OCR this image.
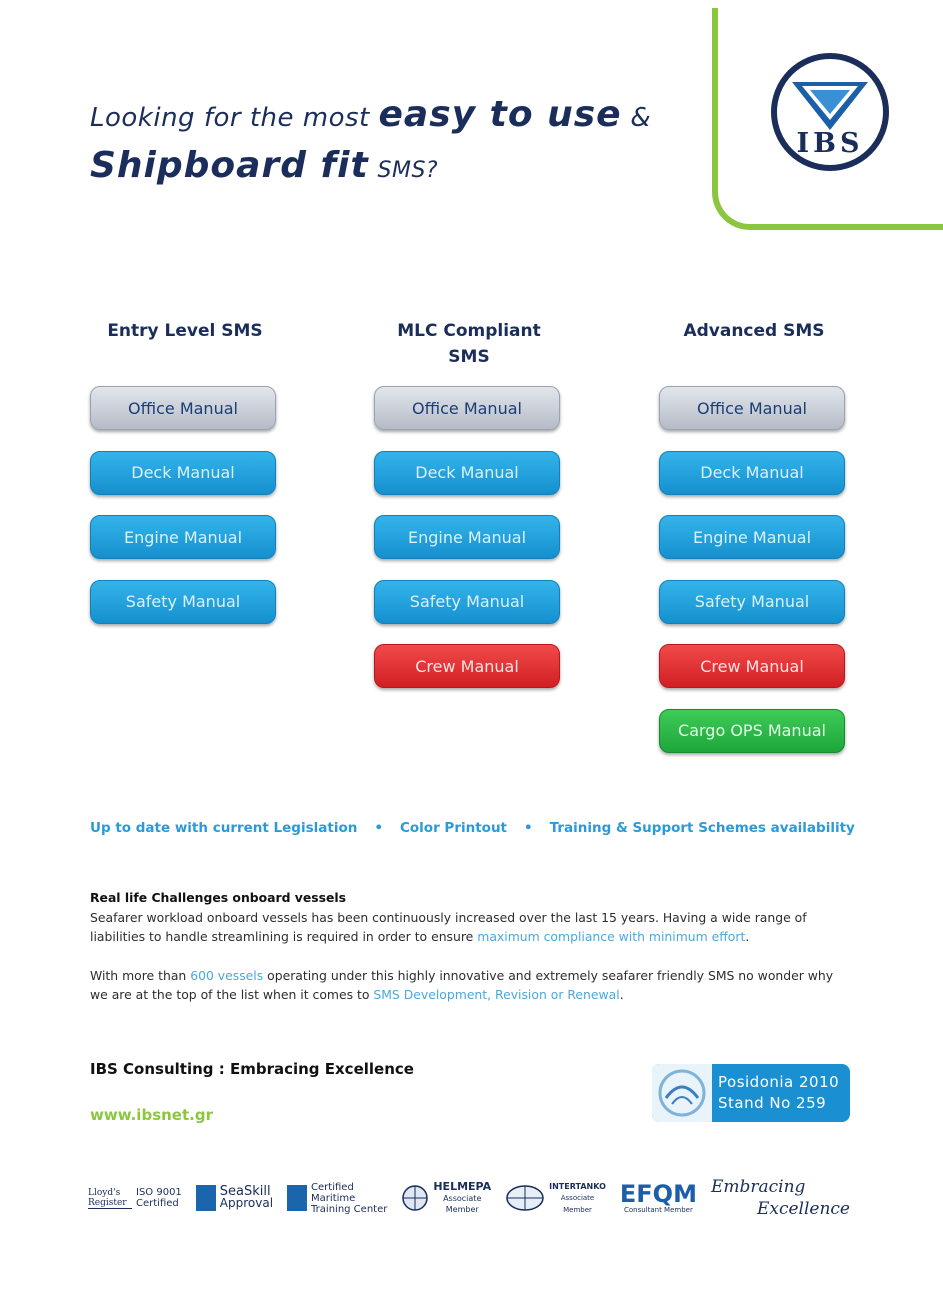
IBS
Looking for the most easy to use &
Shipboard fit SMS?
Entry Level SMS
Office Manual
Deck Manual
Engine Manual
Safety Manual
MLC Compliant SMS
Office Manual
Deck Manual
Engine Manual
Safety Manual
Crew Manual
Advanced SMS
Office Manual
Deck Manual
Engine Manual
Safety Manual
Crew Manual
Cargo OPS Manual
Up to date with current Legislation • Color Printout • Training & Support Schemes availability
Real life Challenges onboard vessels

Seafarer workload onboard vessels has been continuously increased over the last 15 years. Having a wide range of liabilities to handle streamlining is required in order to ensure maximum compliance with minimum effort.

With more than 600 vessels operating under this highly innovative and extremely seafarer friendly SMS no wonder why we are at the top of the list when it comes to SMS Development, Revision or Renewal.

IBS Consulting : Embracing Excellence
www.ibsnet.gr
Posidonia 2010
Stand No 259
Lloyd's Register
ISO 9001
Certified
SeaSkill
Approval
Certified
Maritime
Training Center
HELMEPA
Associate
Member
INTERTANKO
Associate
Member
EFQM
Consultant Member
Embracing
Excellence
